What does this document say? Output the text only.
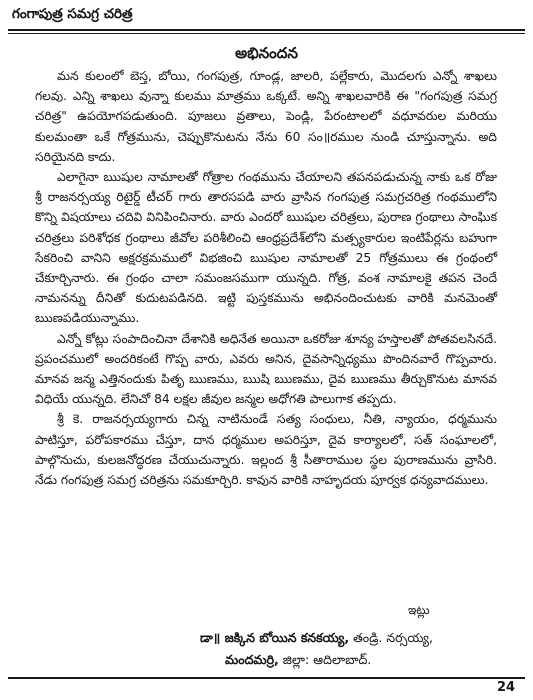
గంగాపుత్ర సమగ్ర చరిత్ర
అభినందన

మన కులంలో బెస్త, బోయి, గంగపుత్ర, గూండ్ల, జాలరి, పల్లేకారు, మొదలగు ఎన్నో శాఖలు గలవు. ఎన్ని శాఖలు వున్నా కులము మాత్రము ఒక్కటే. అన్ని శాఖలవారికి ఈ "గంగపుత్ర సమగ్ర చరిత్ర" ఉపయోగపడుతుంది. పూజలు వ్రతాలు, పెండ్లి, పేరంటాలలో వధూవరుల మరియు కులమంతా ఒకే గోత్రమును, చెప్పుకొనుటను నేను 60 సం॥రముల నుండి చూస్తున్నాను. అది సరియైనది కాదు.

ఎలాగైనా ఋషుల నామాలతో గోత్రాల గంథమును చేయాలని తపనపడుచున్న నాకు ఒక రోజు శ్రీ రాజనర్సయ్య రిటైర్డ్ టీచర్ గారు తారసపడి వారు వ్రాసిన గంగపుత్ర సమగ్రచరిత్ర గంథములోని కొన్ని విషయాలు చదివి వినిపించినారు. వారు ఎందరో ఋషుల చరిత్రలు, పురాణ గ్రంథాలు సాంఘిక చరిత్రలు పరిశోధక గ్రంథాలు జీవోల పరిశీలించి ఆంధ్రప్రదేశ్‌లోని మత్స్యకారుల ఇంటిపేర్లను బహుగా సేకరించి వానిని అక్షరక్రమములో విభజించి ఋషుల నామాలతో 25 గోత్రములు ఈ గ్రంథంలో చేకూర్చినారు. ఈ గ్రంథం చాలా సమంజసముగా యున్నది. గోత్ర, వంశ నామాలకై తపన చెందే నామనన్ను దీనితో కుదుటపడినది. ఇట్టి పుస్తకమును అభినందించుటకు వారికి మనమెంతో ఋణపడియున్నాము.

ఎన్నో కోట్లు సంపాదించినా దేశానికి అధినేత అయినా ఒకరోజు శూన్య హస్తాలతో పోతవలసినదే. ప్రపంచములో అందరికంటే గొప్ప వారు, ఎవరు అనిన, దైవసాన్నిధ్యము పొందినవారే గొప్పవారు. మానవ జన్మ ఎత్తినందుకు పితృ ఋణము, ఋషి ఋణము, దైవ ఋణము తీర్చుకొనుట మానవ విధియే యున్నది. లేనిచో 84 లక్షల జీవుల జన్మల అధోగతి పాలుగాక తప్పదు.

శ్రీ కె. రాజనర్సయ్యగారు చిన్న నాటినుండే సత్య సంధులు, నీతి, న్యాయం, ధర్మమును పాటిస్తూ, పరోపకారము చేస్తూ, దాన ధర్మముల అపరిస్తూ, దైవ కార్యాలలో, సత్ సంఘాలలో, పాల్గొనుచు, కులజనోద్ధరణ చేయుచున్నారు. ఇల్లంద శ్రీ సీతారాముల స్థల పురాణమును వ్రాసిరి. నేడు గంగపుత్ర సమగ్ర చరిత్రను సమకూర్చిరి. కావున వారికి నాహృదయ పూర్వక ధన్యవాదములు.

ఇట్లు
డా॥ జక్కిన బోయిన కనకయ్య, తండ్రి. నర్సయ్య,
మందమర్రి, జిల్లా: ఆదిలాబాద్.
24
